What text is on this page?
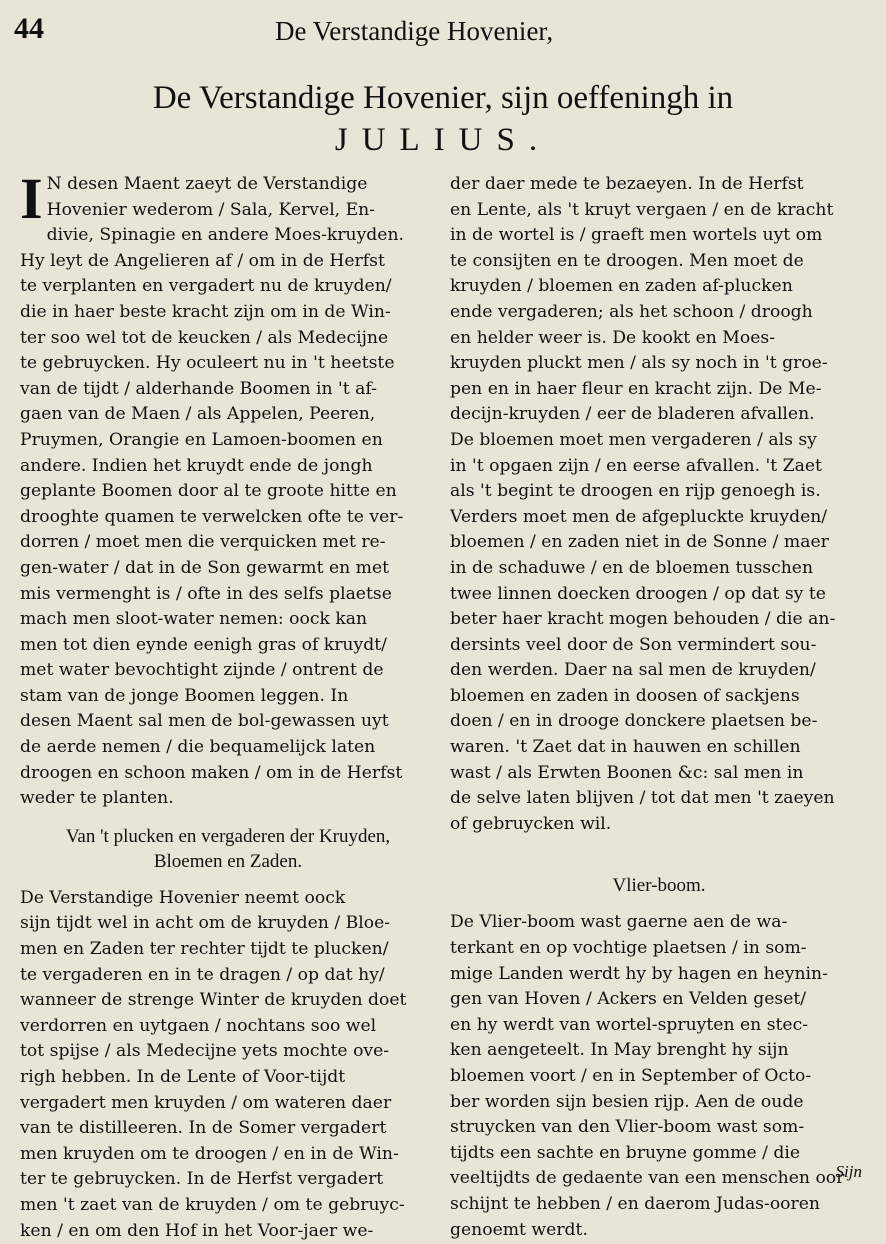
44	De Verstandige Hovenier,
De Verstandige Hovenier, sijn oeffeningh in
JULIUS.
I N desen Maent zaeyt de Verstandige
Hovenier wederom / Sala, Kervel, En-
divie, Spinagie en andere Moes-kruyden.
Hy leyt de Angelieren af / om in de Herfst
te verplanten en vergadert nu de kruyden/
die in haer beste kracht zijn om in de Win-
ter soo wel tot de keucken / als Medecijne
te gebruycken. Hy oculeert nu in 't heetste
van de tijdt / alderhande Boomen in 't af-
gaen van de Maen / als Appelen, Peeren,
Pruymen, Orangie en Lamoen-boomen en
andere. Indien het kruydt ende de jongh
geplante Boomen door al te groote hitte en
drooghte quamen te verwelcken ofte te ver-
dorren / moet men die verquicken met re-
gen-water / dat in de Son gewarmt en met
mis vermenght is / ofte in des selfs plaetse
mach men sloot-water nemen: oock kan
men tot dien eynde eenigh gras of kruydt/
met water bevochtight zijnde / ontrent de
stam van de jonge Boomen leggen. In
desen Maent sal men de bol-gewassen uyt
de aerde nemen / die bequamelijck laten
droogen en schoon maken / om in de Herfst
weder te planten.
Van 't plucken en vergaderen der Kruyden,
Bloemen en Zaden.
De Verstandige Hovenier neemt oock
sijn tijdt wel in acht om de kruyden / Bloe-
men en Zaden ter rechter tijdt te plucken/
te vergaderen en in te dragen / op dat hy/
wanneer de strenge Winter de kruyden doet
verdorren en uytgaen / nochtans soo wel
tot spijse / als Medecijne yets mochte ove-
righ hebben. In de Lente of Voor-tijdt
vergadert men kruyden / om wateren daer
van te distilleeren. In de Somer vergadert
men kruyden om te droogen / en in de Win-
ter te gebruycken. In de Herfst vergadert
men 't zaet van de kruyden / om te gebruyc-
ken / en om den Hof in het Voor-jaer we-
der daer mede te bezaeyen. In de Herfst
en Lente, als 't kruyt vergaen / en de kracht
in de wortel is / graeft men wortels uyt om
te consijten en te droogen. Men moet de
kruyden / bloemen en zaden af-plucken
ende vergaderen; als het schoon / droogh
en helder weer is. De kookt en Moes-
kruyden pluckt men / als sy noch in 't groe-
pen en in haer fleur en kracht zijn. De Me-
decijn-kruyden / eer de bladeren afvallen.
De bloemen moet men vergaderen / als sy
in 't opgaen zijn / en eerse afvallen. 't Zaet
als 't begint te droogen en rijp genoegh is.
Verders moet men de afgepluckte kruyden/
bloemen / en zaden niet in de Sonne / maer
in de schaduwe / en de bloemen tusschen
twee linnen doecken droogen / op dat sy te
beter haer kracht mogen behouden / die an-
dersints veel door de Son vermindert sou-
den werden. Daer na sal men de kruyden/
bloemen en zaden in doosen of sackjens
doen / en in drooge donckere plaetsen be-
waren. 't Zaet dat in hauwen en schillen
wast / als Erwten Boonen &c: sal men in
de selve laten blijven / tot dat men 't zaeyen
of gebruycken wil.
Vlier-boom.
De Vlier-boom wast gaerne aen de wa-
terkant en op vochtige plaetsen / in som-
mige Landen werdt hy by hagen en heynin-
gen van Hoven / Ackers en Velden geset/
en hy werdt van wortel-spruyten en stec-
ken aengeteelt. In May brenght hy sijn
bloemen voort / en in September of Octo-
ber worden sijn besien rijp. Aen de oude
struycken van den Vlier-boom wast som-
tijdts een sachte en bruyne gomme / die
veeltijdts de gedaente van een menschen oor
schijnt te hebben / en daerom Judas-ooren
genoemt werdt.
Sijn
